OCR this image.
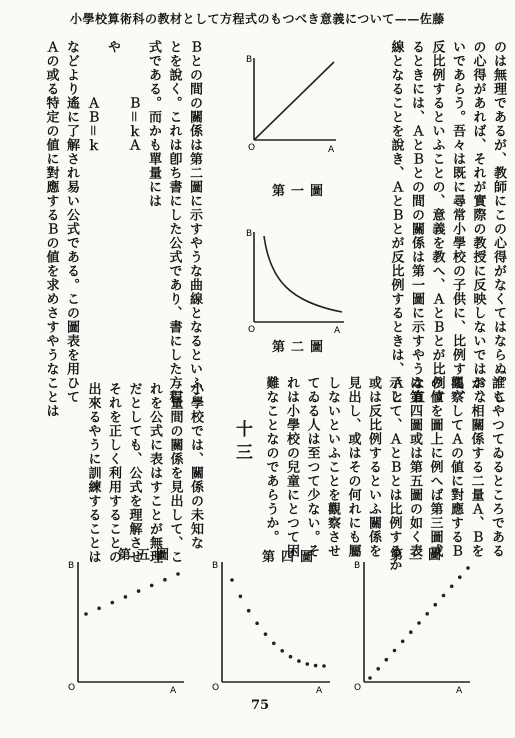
小學校算術科の教材として方程式のもつべき意義について——佐藤
のは無理であるが、教師にこの心得がなくてはならぬ。こ
の心得があれば、それが實際の教授に反映しないではおな
いであらう。吾々は既に尋常小學校の子供に、比例する、
反比例するといふことの、意義を教へ、ＡとＢとが比例す
るときには、ＡとＢとの間の關係は第一圖に示すやうな直
線となることを說き、ＡとＢとが反比例するときは、Ａと
B
A
O
第一圖
B
A
O
第二圖
Ｂとの間の關係は第二圖に示すやうな曲線となるといふこ
とを說く。これは卽ち書にした公式であり、書にした方程
式である。而かも單量には
　　　　Ｂ＝ｋＡ
や
　　　　ＡＢ＝ｋ
などより遙に了解され易い公式である。この圖表を用ひて
Ａの或る特定の値に對應するＢの値を求めさすやうなことは
誰もやつてゐるところである
が、相關係する二量Ａ、Ｂを
觀察してＡの値に對應するＢ
の値を圖上に例へば第三圖或
は第四圖或は第五圖の如く表
示して、ＡとＢとは比例するか
或は反比例するといふ關係を
見出し、或はその何れにも屬
しないといふことを觀察させ
てゐる人は至つて少ない。そ
れは小學校の兒童にとつて困
難なことなのであらうか。
十三
小學校では、關係の未知な
二量間の關係を見出して、こ
れを公式に表はすことが無理
だとしても、公式を理解させ
それを正しく利用することの
出來るやうに訓練することは	第五圖
B
A
O
第四圖
B
A
O
第三圖
B
A
O
75
